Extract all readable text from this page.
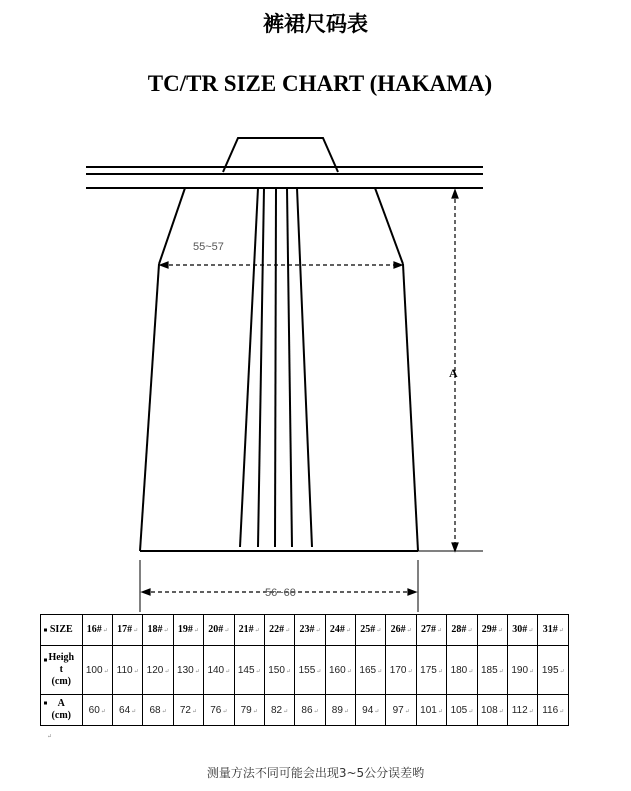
裤裙尺码表
TC/TR SIZE CHART (HAKAMA)
55~57
56~60
A
SIZE	16#↵	17#↵	18#↵	19#↵	20#↵	21#↵	22#↵	23#↵	24#↵	25#↵	26#↵	27#↵	28#↵	29#↵	30#↵	31#↵

Heigh
t
(cm)	100↵	110↵	120↵	130↵	140↵	145↵	150↵	155↵	160↵	165↵	170↵	175↵	180↵	185↵	190↵	195↵

A
(cm)	60↵	64↵	68↵	72↵	76↵	79↵	82↵	86↵	89↵	94↵	97↵	101↵	105↵	108↵	112↵	116↵
↵
测量方法不同可能会出现3~5公分误差哟
